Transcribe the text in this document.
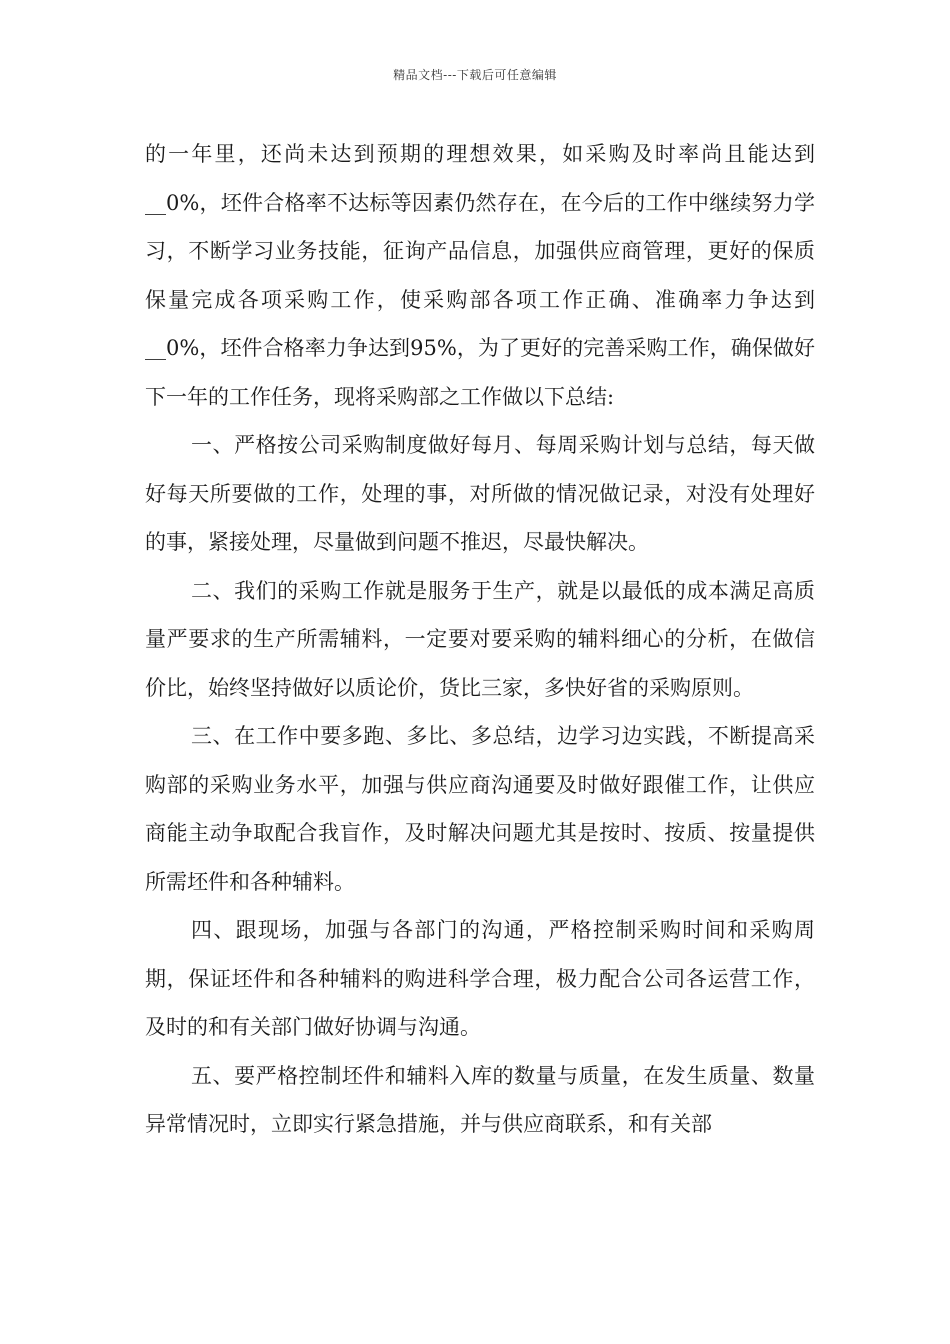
精品文档---下载后可任意编辑

的一年里，还尚未达到预期的理想效果，如采购及时率尚且能达到__0%，坯件合格率不达标等因素仍然存在，在今后的工作中继续努力学习，不断学习业务技能，征询产品信息，加强供应商管理，更好的保质保量完成各项采购工作，使采购部各项工作正确、准确率力争达到__0%，坯件合格率力争达到95%，为了更好的完善采购工作，确保做好下一年的工作任务，现将采购部之工作做以下总结:

一、严格按公司采购制度做好每月、每周采购计划与总结，每天做好每天所要做的工作，处理的事，对所做的情况做记录，对没有处理好的事，紧接处理，尽量做到问题不推迟，尽最快解决。

二、我们的采购工作就是服务于生产，就是以最低的成本满足高质量严要求的生产所需辅料，一定要对要采购的辅料细心的分析，在做信价比，始终坚持做好以质论价，货比三家，多快好省的采购原则。

三、在工作中要多跑、多比、多总结，边学习边实践，不断提高采购部的采购业务水平，加强与供应商沟通要及时做好跟催工作，让供应商能主动争取配合我盲作，及时解决问题尤其是按时、按质、按量提供所需坯件和各种辅料。

四、跟现场，加强与各部门的沟通，严格控制采购时间和采购周期，保证坯件和各种辅料的购进科学合理，极力配合公司各运营工作，及时的和有关部门做好协调与沟通。

五、要严格控制坯件和辅料入库的数量与质量，在发生质量、数量异常情况时，立即实行紧急措施，并与供应商联系，和有关部
